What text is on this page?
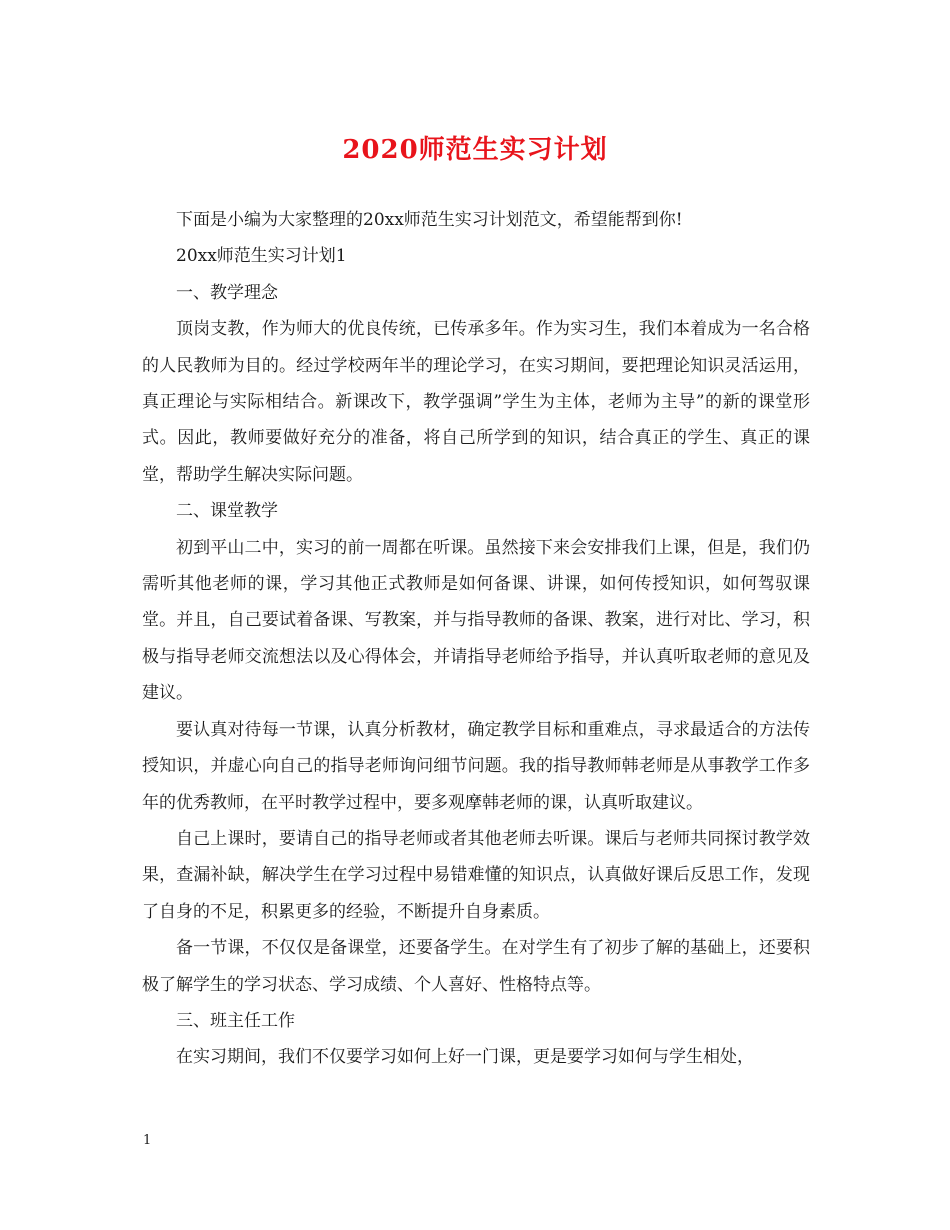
2020师范生实习计划

下面是小编为大家整理的20xx师范生实习计划范文，希望能帮到你!

20xx师范生实习计划1

一、教学理念

顶岗支教，作为师大的优良传统，已传承多年。作为实习生，我们本着成为一名合格的人民教师为目的。经过学校两年半的理论学习，在实习期间，要把理论知识灵活运用，真正理论与实际相结合。新课改下，教学强调”学生为主体，老师为主导”的新的课堂形式。因此，教师要做好充分的准备，将自己所学到的知识，结合真正的学生、真正的课堂，帮助学生解决实际问题。

二、课堂教学

初到平山二中，实习的前一周都在听课。虽然接下来会安排我们上课，但是，我们仍需听其他老师的课，学习其他正式教师是如何备课、讲课，如何传授知识，如何驾驭课堂。并且，自己要试着备课、写教案，并与指导教师的备课、教案，进行对比、学习，积极与指导老师交流想法以及心得体会，并请指导老师给予指导，并认真听取老师的意见及建议。

要认真对待每一节课，认真分析教材，确定教学目标和重难点，寻求最适合的方法传授知识，并虚心向自己的指导老师询问细节问题。我的指导教师韩老师是从事教学工作多年的优秀教师，在平时教学过程中，要多观摩韩老师的课，认真听取建议。

自己上课时，要请自己的指导老师或者其他老师去听课。课后与老师共同探讨教学效果，查漏补缺，解决学生在学习过程中易错难懂的知识点，认真做好课后反思工作，发现了自身的不足，积累更多的经验，不断提升自身素质。

备一节课，不仅仅是备课堂，还要备学生。在对学生有了初步了解的基础上，还要积极了解学生的学习状态、学习成绩、个人喜好、性格特点等。

三、班主任工作

在实习期间，我们不仅要学习如何上好一门课，更是要学习如何与学生相处，

1
